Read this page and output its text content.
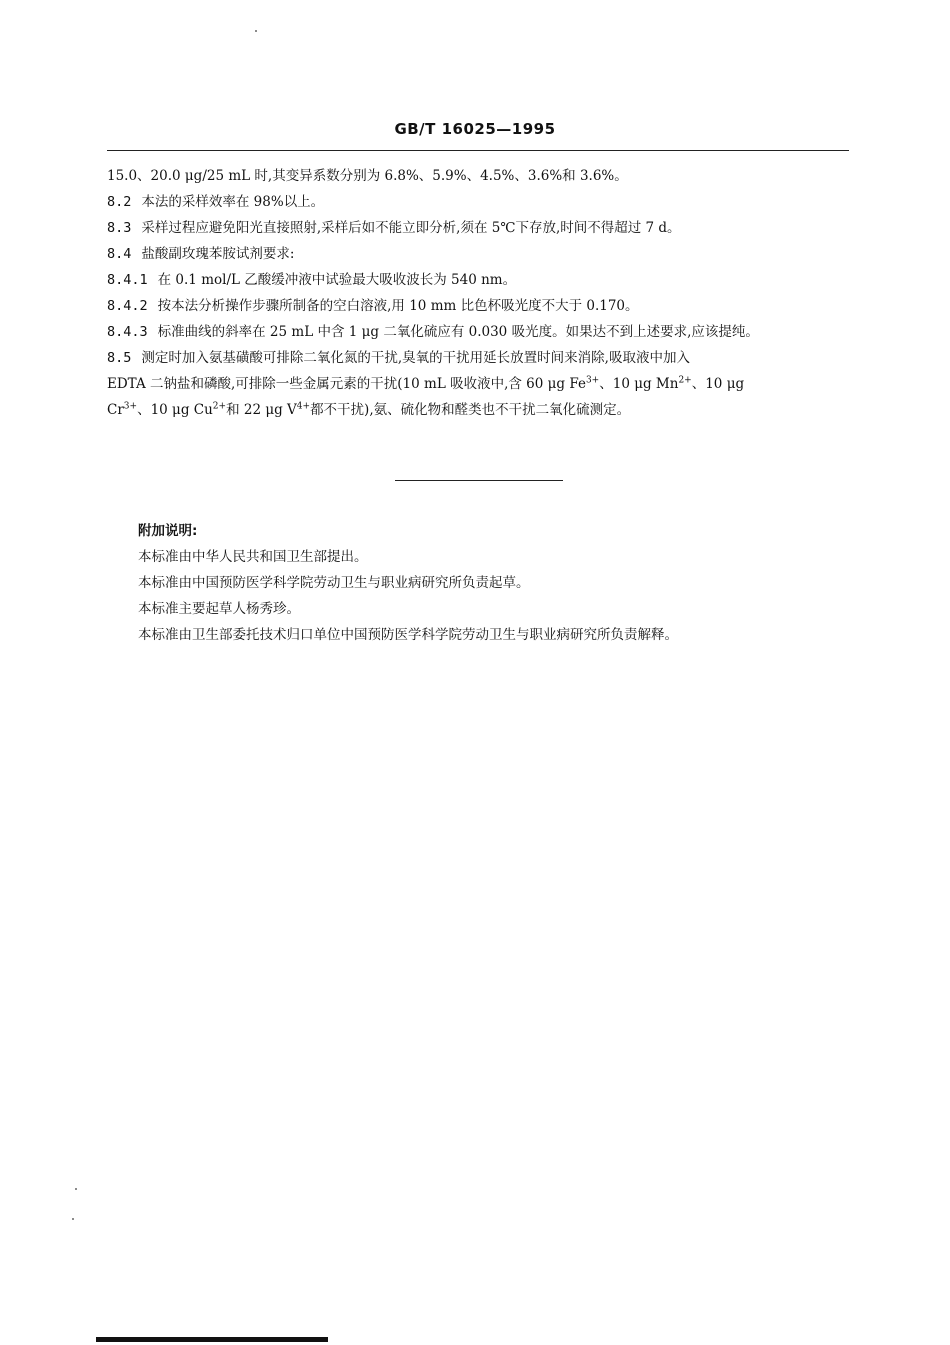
GB/T 16025—1995

15.0、20.0 μg/25 mL 时,其变异系数分别为 6.8%、5.9%、4.5%、3.6%和 3.6%。

8.2 本法的采样效率在 98%以上。

8.3 采样过程应避免阳光直接照射,采样后如不能立即分析,须在 5℃下存放,时间不得超过 7 d。

8.4 盐酸副玫瑰苯胺试剂要求:

8.4.1 在 0.1 mol/L 乙酸缓冲液中试验最大吸收波长为 540 nm。

8.4.2 按本法分析操作步骤所制备的空白溶液,用 10 mm 比色杯吸光度不大于 0.170。

8.4.3 标准曲线的斜率在 25 mL 中含 1 μg 二氧化硫应有 0.030 吸光度。如果达不到上述要求,应该提纯。

8.5 测定时加入氨基磺酸可排除二氧化氮的干扰,臭氧的干扰用延长放置时间来消除,吸取液中加入

EDTA 二钠盐和磷酸,可排除一些金属元素的干扰(10 mL 吸收液中,含 60 μg $Fe^{3+}$、10 μg $Mn^{2+}$、10 μg

$Cr^{3+}$、10 μg $Cu^{2+}$和 22 μg $V^{4+}$都不干扰),氨、硫化物和醛类也不干扰二氧化硫测定。

附加说明:

本标准由中华人民共和国卫生部提出。

本标准由中国预防医学科学院劳动卫生与职业病研究所负责起草。

本标准主要起草人杨秀珍。

本标准由卫生部委托技术归口单位中国预防医学科学院劳动卫生与职业病研究所负责解释。
